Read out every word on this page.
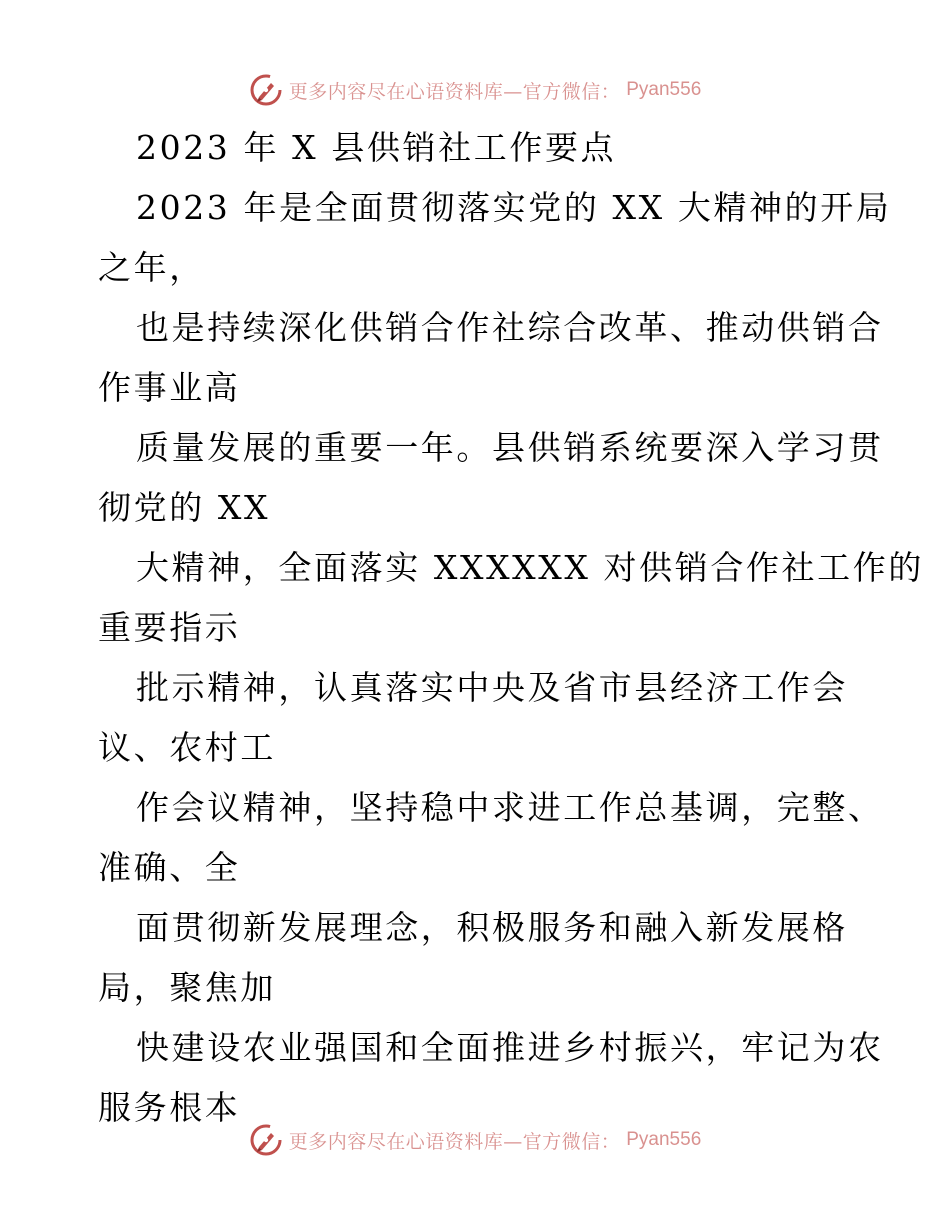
更多内容尽在心语资料库—官方微信： Pyan556
2023 年 X 县供销社工作要点
2023 年是全面贯彻落实党的 XX 大精神的开局
之年，
也是持续深化供销合作社综合改革、推动供销合
作事业高
质量发展的重要一年。县供销系统要深入学习贯
彻党的 XX
大精神，全面落实 XXXXXX 对供销合作社工作的
重要指示
批示精神，认真落实中央及省市县经济工作会
议、农村工
作会议精神，坚持稳中求进工作总基调，完整、
准确、全
面贯彻新发展理念，积极服务和融入新发展格
局，聚焦加
快建设农业强国和全面推进乡村振兴，牢记为农
服务根本
更多内容尽在心语资料库—官方微信： Pyan556
